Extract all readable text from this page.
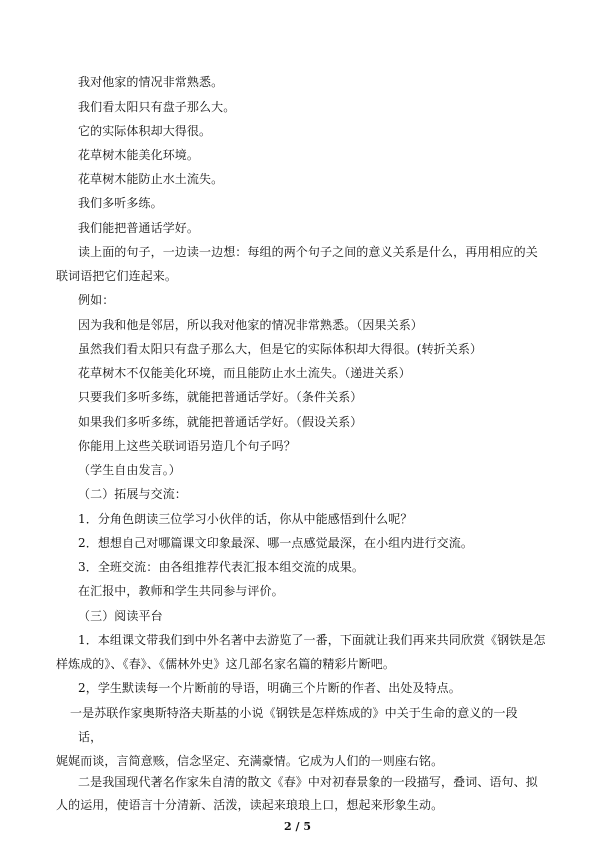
我对他家的情况非常熟悉。
我们看太阳只有盘子那么大。
它的实际体积却大得很。
花草树木能美化环境。
花草树木能防止水土流失。
我们多听多练。
我们能把普通话学好。
读上面的句子，一边读一边想：每组的两个句子之间的意义关系是什么，再用相应的关
联词语把它们连起来。
例如：
因为我和他是邻居，所以我对他家的情况非常熟悉。（因果关系）
虽然我们看太阳只有盘子那么大，但是它的实际体积却大得很。(转折关系）
花草树木不仅能美化环境，而且能防止水土流失。（递进关系）
只要我们多听多练，就能把普通话学好。（条件关系）
如果我们多听多练，就能把普通话学好。（假设关系）
你能用上这些关联词语另造几个句子吗？
（学生自由发言。）
（二）拓展与交流：
1．分角色朗读三位学习小伙伴的话，你从中能感悟到什么呢？
2．想想自己对哪篇课文印象最深、哪一点感觉最深，在小组内进行交流。
3．全班交流：由各组推荐代表汇报本组交流的成果。
在汇报中，教师和学生共同参与评价。
（三）阅读平台
1．本组课文带我们到中外名著中去游览了一番，下面就让我们再来共同欣赏《钢铁是怎
样炼成的》、《春》、《儒林外史》这几部名家名篇的精彩片断吧。
2，学生默读每一个片断前的导语，明确三个片断的作者、出处及特点。
一是苏联作家奥斯特洛夫斯基的小说《钢铁是怎样炼成的》中关于生命的意义的一段
话，
娓娓而谈，言简意赅，信念坚定、充满豪情。它成为人们的一则座右铭。
二是我国现代著名作家朱自清的散文《春》中对初春景象的一段描写，叠词、语句、拟
人的运用，使语言十分清新、活泼，读起来琅琅上口，想起来形象生动。
2 / 5
